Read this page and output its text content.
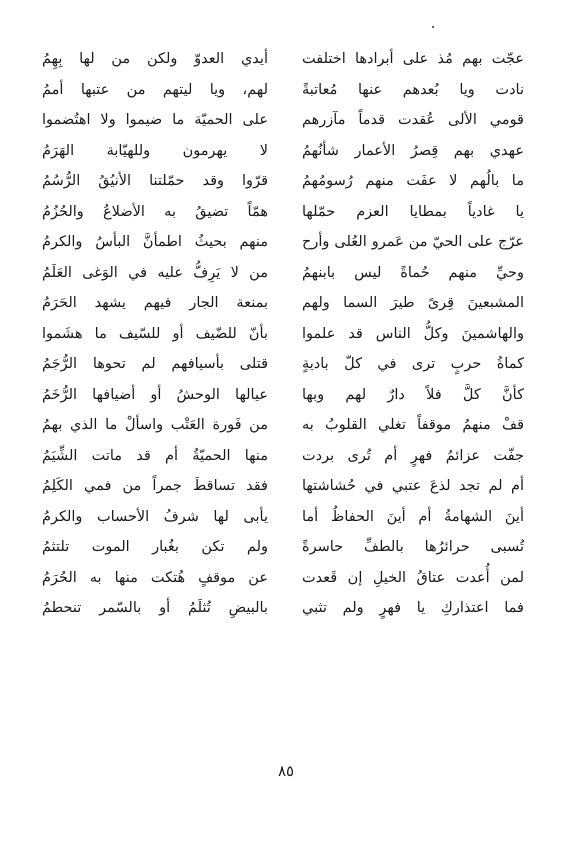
عجّت بهم مُذ على أبرادها اختلفت
أيدي العدوّ ولكن من لها بِهِمُ
نادت ويا بُعدهم عنها مُعاتبةً
لهم، ويا ليتهم من عتبها أممُ
قومي الألى عُقدت قدماً مآزرهم
على الحميّة ما ضيموا ولا اهتُضموا
عهدي بهم قِصرُ الأعمار شأنُهمُ
لا يهرمون وللهيّابة الهَرَمُ
ما بالُهم لا عفَت منهم رُسومُهمُ
قرّوا وقد حمّلتنا الأنيُقُ الرُّسُمُ
يا غادياً بمطايا العزم حمّلها
همّاً تضيقُ به الأضلاعُ والحُزُمُ
عرّج على الحيّ من عَمرو العُلى وأرح
منهم بحيثُ اطمأنَّ البأسُ والكرمُ
وحيِّ منهم حُماةً ليس بابنهمُ
من لا يَرِفُّ عليه في الوَغى العَلَمُ
المشبعينَ قِرىً طيرَ السما ولهم
بمنعة الجار فيهم يشهد الحَرَمُ
والهاشمينَ وكلُّ الناس قد علموا
بأنّ للضّيف أو للسّيف ما هشَموا
كماةُ حربٍ ترى في كلّ باديةٍ
قتلى بأسيافهم لم تحوها الرُّجَمُ
كأنَّ كلَّ فلاً دارٌ لهم وبها
عيالها الوحشُ أو أضيافها الرُّخَمُ
قفْ منهمُ موقفاً تغلي القلوبُ به
من فَورة العَتْب واسألْ ما الذي بهمُ
جفّت عزائمُ فهرٍ أم تُرى بردت
منها الحميّةُ أم قد ماتت الشِّيَمُ
أم لم تجد لذعَ عتبي في حُشاشتها
فقد تساقطَ جمراً من فمي الكَلِمُ
أينَ الشهامةُ أم أينَ الحفاظُ أما
يأبى لها شرفُ الأحساب والكرمُ
تُسبى حرائرُها بالطفِّ حاسرةً
ولم تكن بغُبار الموت تلتثمُ
لمن أُعدت عتاقُ الخيلِ إن قَعدت
عن موقفٍ هُتكت منها به الحُرَمُ
فما اعتذاركِ يا فهرٍ ولم تثبي
بالبيضِ تُثلَمُ أو بالسّمر تنحطمُ
٨٥
